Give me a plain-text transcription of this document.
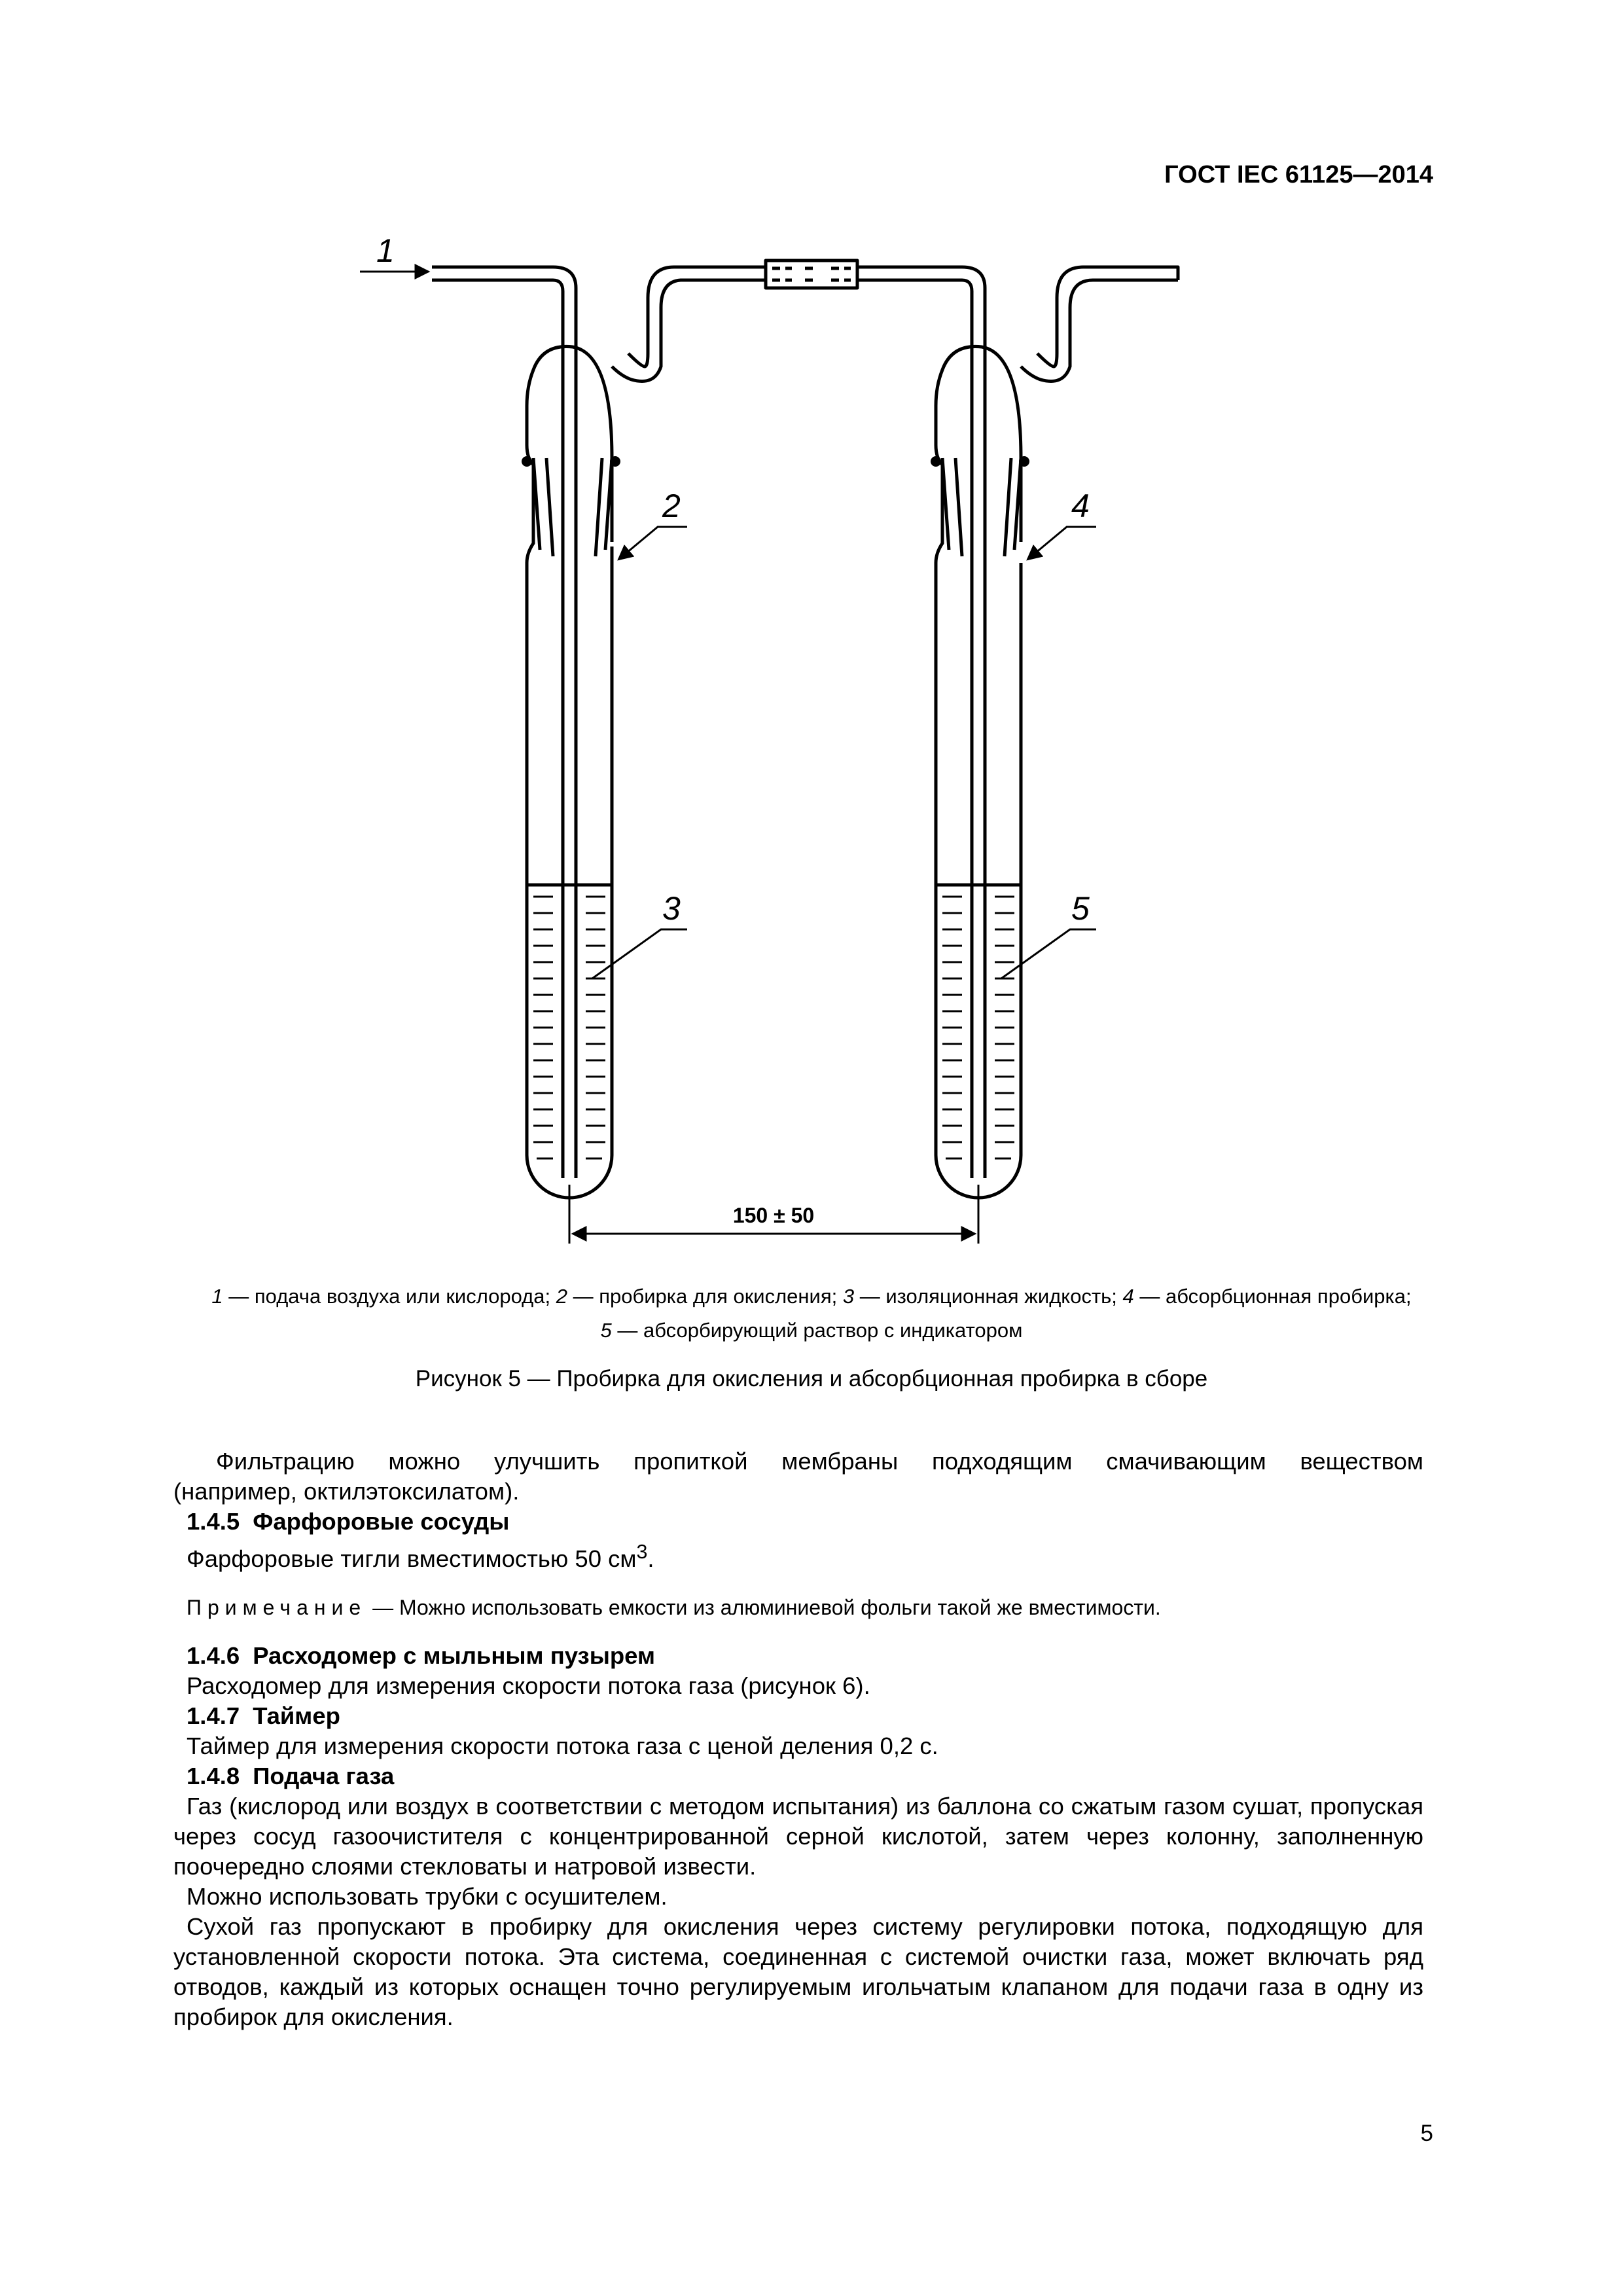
ГОСТ IEC 61125—2014
1
2
3
4
5
150 ± 50
1 — подача воздуха или кислорода; 2 — пробирка для окисления; 3 — изоляционная жидкость; 4 — абсорбционная пробирка;
5 — абсорбирующий раствор с индикатором
Рисунок 5 — Пробирка для окисления и абсорбционная пробирка в сборе

Фильтрацию можно улучшить пропиткой мембраны подходящим смачивающим веществом

(например, октилэтоксилатом).

1.4.5 Фарфоровые сосуды

Фарфоровые тигли вместимостью 50 $см^3$.

Примечание — Можно использовать емкости из алюминиевой фольги такой же вместимости.

1.4.6 Расходомер с мыльным пузырем

Расходомер для измерения скорости потока газа (рисунок 6).

1.4.7 Таймер

Таймер для измерения скорости потока газа с ценой деления 0,2 с.

1.4.8 Подача газа

Газ (кислород или воздух в соответствии с методом испытания) из баллона со сжатым газом сушат, пропуская через сосуд газоочистителя с концентрированной серной кислотой, затем через колонну, заполненную поочередно слоями стекловаты и натровой извести.

Можно использовать трубки с осушителем.

Сухой газ пропускают в пробирку для окисления через систему регулировки потока, подходящую для установленной скорости потока. Эта система, соединенная с системой очистки газа, может включать ряд отводов, каждый из которых оснащен точно регулируемым игольчатым клапаном для подачи газа в одну из пробирок для окисления.

5
